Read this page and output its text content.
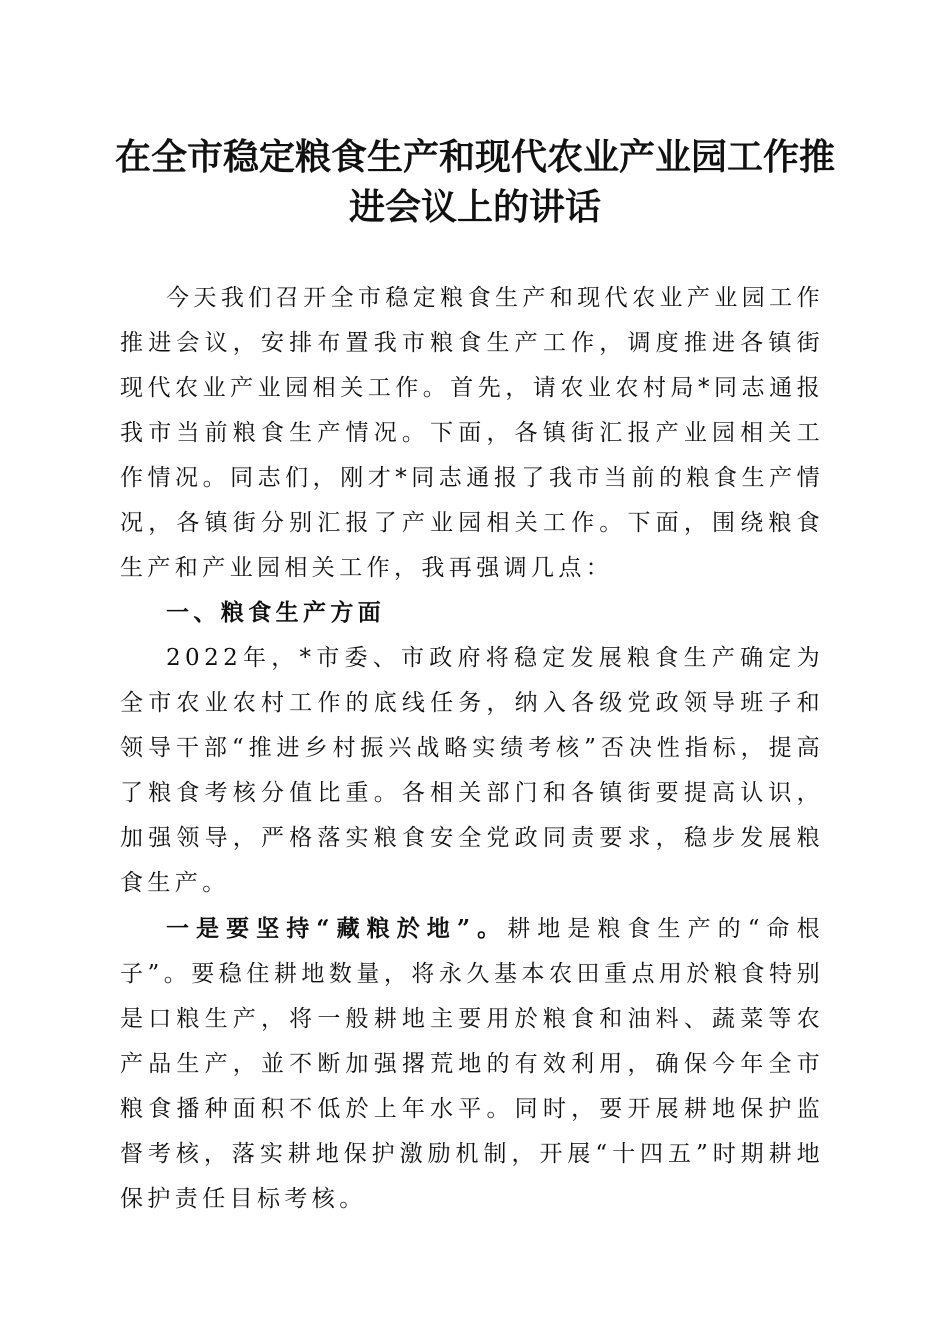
在全市稳定粮食生产和现代农业产业园工作推
进会议上的讲话

今天我们召开全市稳定粮食生产和现代农业产业园工作推进会议，安排布置我市粮食生产工作，调度推进各镇街现代农业产业园相关工作。首先，请农业农村局*同志通报我市当前粮食生产情况。下面，各镇街汇报产业园相关工作情况。同志们，刚才*同志通报了我市当前的粮食生产情况，各镇街分别汇报了产业园相关工作。下面，围绕粮食生产和产业园相关工作，我再强调几点：

一、粮食生产方面

2022年，*市委、市政府将稳定发展粮食生产确定为全市农业农村工作的底线任务，纳入各级党政领导班子和领导干部“推进乡村振兴战略实绩考核”否决性指标，提高了粮食考核分值比重。各相关部门和各镇街要提高认识，加强领导，严格落实粮食安全党政同责要求，稳步发展粮食生产。

一是要坚持“藏粮於地”。耕地是粮食生产的“命根子”。要稳住耕地数量，将永久基本农田重点用於粮食特别是口粮生产，将一般耕地主要用於粮食和油料、蔬菜等农产品生产，並不断加强撂荒地的有效利用，确保今年全市粮食播种面积不低於上年水平。同时，要开展耕地保护监督考核，落实耕地保护激励机制，开展“十四五”时期耕地保护责任目标考核。
